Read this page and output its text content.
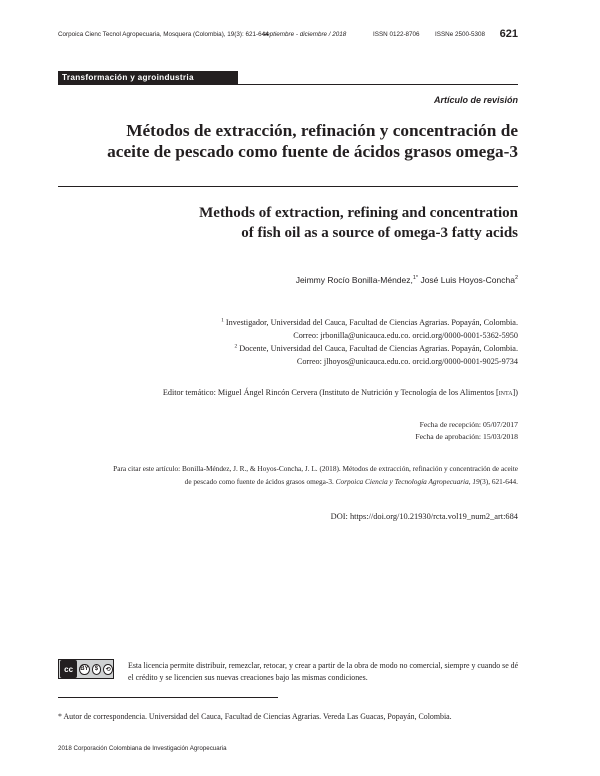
Corpoica Cienc Tecnol Agropecuaria, Mosquera (Colombia), 19(3): 621-644
septiembre - diciembre / 2018	ISSN 0122-8706 ISSNe 2500-5308 621
Transformación y agroindustria
Artículo de revisión
Métodos de extracción, refinación y concentración de
aceite de pescado como fuente de ácidos grasos omega-3
Methods of extraction, refining and concentration
of fish oil as a source of omega-3 fatty acids
Jeimmy Rocío Bonilla-Méndez,$^{1*}$ José Luis Hoyos-Concha$^2$
$^1$ Investigador, Universidad del Cauca, Facultad de Ciencias Agrarias. Popayán, Colombia.
Correo: jrbonilla@unicauca.edu.co. orcid.org/0000-0001-5362-5950
$^2$ Docente, Universidad del Cauca, Facultad de Ciencias Agrarias. Popayán, Colombia.
Correo: jlhoyos@unicauca.edu.co. orcid.org/0000-0001-9025-9734
Editor temático: Miguel Ángel Rincón Cervera (Instituto de Nutrición y Tecnología de los Alimentos [inta])
Fecha de recepción: 05/07/2017
Fecha de aprobación: 15/03/2018
Para citar este artículo: Bonilla-Méndez, J. R., & Hoyos-Concha, J. L. (2018). Métodos de extracción, refinación y concentración de aceite
de pescado como fuente de ácidos grasos omega-3. Corpoica Ciencia y Tecnología Agropecuaria, 19(3), 621-644.
DOI: https://doi.org/10.21930/rcta.vol19_num2_art:684
cc	BY	$	⟲ Esta licencia permite distribuir, remezclar, retocar, y crear a partir de la obra de modo no comercial, siempre y cuando se dé el crédito y se licencien sus nuevas creaciones bajo las mismas condiciones.
* Autor de correspondencia. Universidad del Cauca, Facultad de Ciencias Agrarias. Vereda Las Guacas, Popayán, Colombia.
2018 Corporación Colombiana de Investigación Agropecuaria
